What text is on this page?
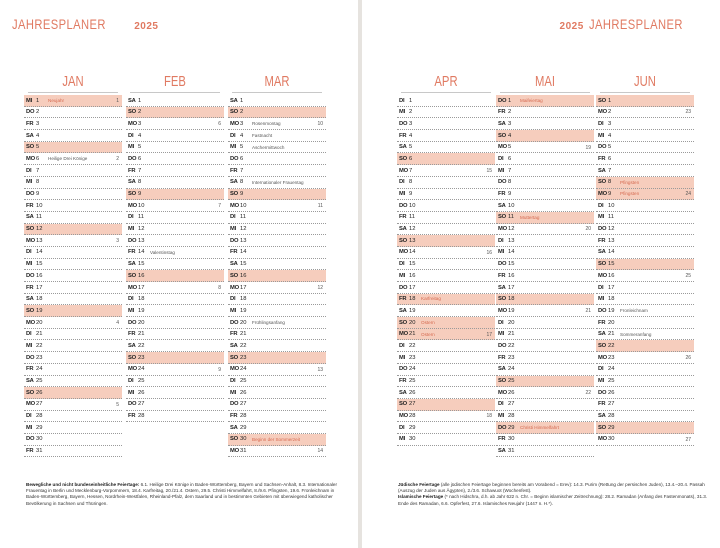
JAHRESPLANER	2025
JAN
MI 1 Neujahr	1
DO 2
FR 3
SA 4
SO 5
MO 6 Heilige Drei Könige	2
DI 7
MI 8
DO 9
FR 10
SA 11
SO 12
MO 13	3
DI 14
MI 15
DO 16
FR 17
SA 18
SO 19
MO 20	4
DI 21
MI 22
DO 23
FR 24
SA 25
SO 26
MO 27	5
DI 28
MI 29
DO 30
FR 31
FEB
SA 1
SO 2
MO 3	6
DI 4
MI 5
DO 6
FR 7
SA 8
SO 9
MO 10	7
DI 11
MI 12
DO 13
FR 14 Valentinstag
SA 15
SO 16
MO 17	8
DI 18
MI 19
DO 20
FR 21
SA 22
SO 23
MO 24	9
DI 25
MI 26
DO 27
FR 28
MAR
SA 1
SO 2
MO 3 Rosenmontag	10
DI 4 Fastnacht
MI 5 Aschermittwoch
DO 6
FR 7
SA 8 Internationaler Frauentag
SO 9
MO 10	11
DI 11
MI 12
DO 13
FR 14
SA 15
SO 16
MO 17	12
DI 18
MI 19
DO 20 Frühlingsanfang
FR 21
SA 22
SO 23
MO 24	13
DI 25
MI 26
DO 27
FR 28
SA 29
SO 30 Beginn der Sommerzeit
MO 31	14
Bewegliche und nicht bundeseinheitliche Feiertage: 6.1. Heilige Drei Könige in Baden-Württemberg, Bayern und Sachsen-Anhalt, 8.3. Internationaler Frauentag in Berlin und Mecklenburg-Vorpommern, 18.4. Karfreitag, 20./21.4. Ostern, 29.5. Christi Himmelfahrt, 8./9.6. Pfingsten, 19.6. Fronleichnam in Baden-Württemberg, Bayern, Hessen, Nordrhein-Westfalen, Rheinland-Pfalz, dem Saarland und in bestimmten Gebieten mit überwiegend katholischer Bevölkerung in Sachsen und Thüringen.
2025 JAHRESPLANER
APR
DI 1
MI 2
DO 3
FR 4
SA 5
SO 6
MO 7	15
DI 8
MI 9
DO 10
FR 11
SA 12
SO 13
MO 14	16
DI 15
MI 16
DO 17
FR 18 Karfreitag
SA 19
SO 20 Ostern
MO 21 Ostern	17
DI 22
MI 23
DO 24
FR 25
SA 26
SO 27
MO 28	18
DI 29
MI 30
MAI
DO 1 Maifeiertag
FR 2
SA 3
SO 4
MO 5	19
DI 6
MI 7
DO 8
FR 9
SA 10
SO 11 Muttertag
MO 12	20
DI 13
MI 14
DO 15
FR 16
SA 17
SO 18
MO 19	21
DI 20
MI 21
DO 22
FR 23
SA 24
SO 25
MO 26	22
DI 27
MI 28
DO 29 Christi Himmelfahrt
FR 30
SA 31
JUN
SO 1
MO 2	23
DI 3
MI 4
DO 5
FR 6
SA 7
SO 8 Pfingsten
MO 9 Pfingsten	24
DI 10
MI 11
DO 12
FR 13
SA 14
SO 15
MO 16	25
DI 17
MI 18
DO 19 Fronleichnam
FR 20
SA 21 Sommeranfang
SO 22
MO 23	26
DI 24
MI 25
DO 26
FR 27
SA 28
SO 29
MO 30	27
Jüdische Feiertage (alle jüdischen Feiertage beginnen bereits am Vorabend = Erev): 14.3. Purim (Rettung der persischen Juden), 13.4.–20.4. Passah (Auszug der Juden aus Ägypten), 2./3.6. Schawuot (Wochenfest).
Islamische Feiertage (* nach Hidschra, d.h. ab Jahr 622 n. Chr. = Beginn islamischer Zeitrechnung): 28.2. Ramadan (Anfang des Fastenmonats), 31.3. Ende des Ramadan, 6.6. Opferfest, 27.6. Islamisches Neujahr (1447 n. H.*).
